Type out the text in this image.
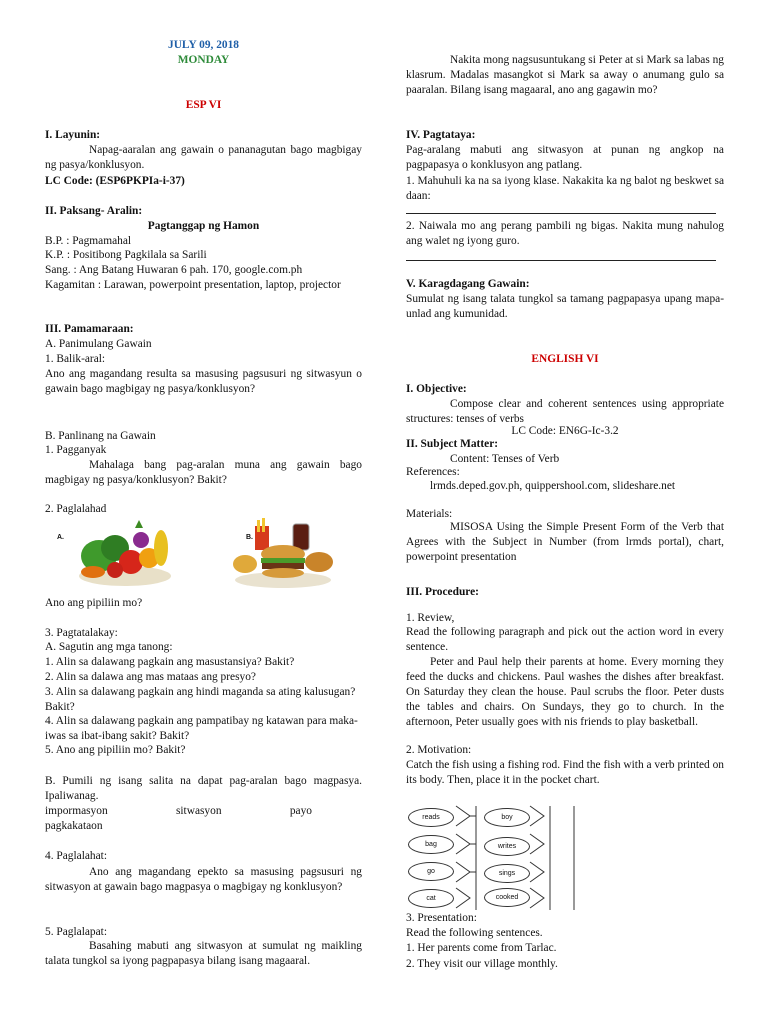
JULY 09, 2018
MONDAY
ESP VI
I. Layunin:
Napag-aaralan ang gawain o pananagutan bago magbigay ng pasya/konklusyon.
LC Code: (ESP6PKPIa-i-37)
II. Paksang- Aralin:
Pagtanggap ng Hamon
B.P. : Pagmamahal
K.P. : Positibong Pagkilala sa Sarili
Sang. : Ang Batang Huwaran 6 pah. 170, google.com.ph
Kagamitan : Larawan, powerpoint presentation, laptop, projector
III. Pamamaraan:
A. Panimulang Gawain
1. Balik-aral:
Ano ang magandang resulta sa masusing pagsusuri ng sitwasyun o gawain bago magbigay ng pasya/konklusyon?
B. Panlinang na Gawain
1. Pagganyak
Mahalaga bang pag-aralan muna ang gawain bago magbigay ng pasya/konklusyon? Bakit?
2. Paglalahad
A.	B.
Ano ang pipiliin mo?
3. Pagtatalakay:
A. Sagutin ang mga tanong:
1. Alin sa dalawang pagkain ang masustansiya? Bakit?
2. Alin sa dalawa ang mas mataas ang presyo?
3. Alin sa dalawang pagkain ang hindi maganda sa ating kalusugan? Bakit?
4. Alin sa dalawang pagkain ang pampatibay ng katawan para maka-iwas sa ibat-ibang sakit? Bakit?
5. Ano ang pipiliin mo? Bakit?
B. Pumili ng isang salita na dapat pag-aralan bago magpasya. Ipaliwanag.
impormasyon	sitwasyon	payo
pagkakataon
4. Paglalahat:
Ano ang magandang epekto sa masusing pagsusuri ng sitwasyon at gawain bago magpasya o magbigay ng konklusyon?
5. Paglalapat:
Basahing mabuti ang sitwasyon at sumulat ng maikling talata tungkol sa iyong pagpapasya bilang isang magaaral.
Nakita mong nagsusuntukang si Peter at si Mark sa labas ng klasrum. Madalas masangkot si Mark sa away o anumang gulo sa paaralan. Bilang isang magaaral, ano ang gagawin mo?
IV. Pagtataya:
Pag-aralang mabuti ang sitwasyon at punan ng angkop na pagpapasya o konklusyon ang patlang.
1. Mahuhuli ka na sa iyong klase. Nakakita ka ng balot ng beskwet sa daan:
2. Naiwala mo ang perang pambili ng bigas. Nakita mung nahulog ang walet ng iyong guro.
V. Karagdagang Gawain:
Sumulat ng isang talata tungkol sa tamang pagpapasya upang mapa-unlad ang kumunidad.
ENGLISH VI
I. Objective:
Compose clear and coherent sentences using appropriate structures: tenses of verbs
LC Code: EN6G-Ic-3.2
II. Subject Matter:
Content: Tenses of Verb
References:
lrmds.deped.gov.ph, quippershool.com, slideshare.net
Materials:
MISOSA Using the Simple Present Form of the Verb that Agrees with the Subject in Number (from lrmds portal), chart, powerpoint presentation
III. Procedure:
1. Review,
Read the following paragraph and pick out the action word in every sentence.
Peter and Paul help their parents at home. Every morning they feed the ducks and chickens. Paul washes the dishes after breakfast. On Saturday they clean the house. Paul scrubs the floor. Peter dusts the tables and chairs. On Sundays, they go to church. In the afternoon, Peter usually goes with nis friends to play basketball.
2. Motivation:
Catch the fish using a fishing rod. Find the fish with a verb printed on its body. Then, place it in the pocket chart.
reads
bag
go
cat
boy
writes
sings
cooked
3. Presentation:
Read the following sentences.
1. Her parents come from Tarlac.
2. They visit our village monthly.
